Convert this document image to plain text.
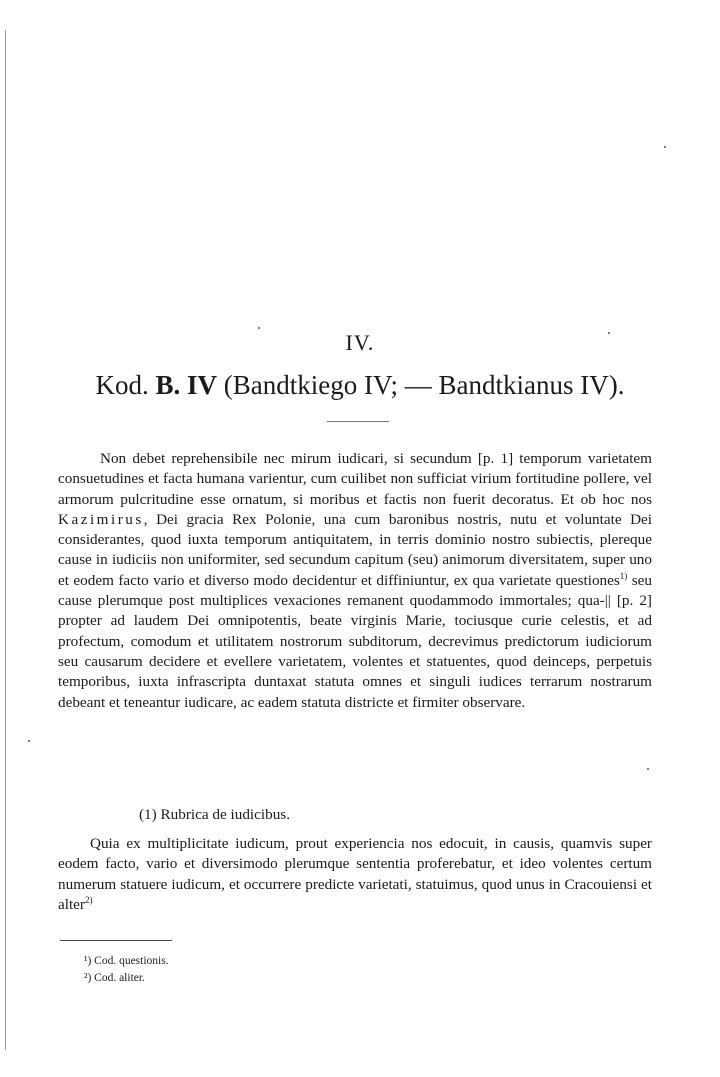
IV.
Kod. B. IV (Bandtkiego IV; — Bandtkianus IV).
Non debet reprehensibile nec mirum iudicari, si secundum [p. 1] temporum varietatem consuetudines et facta humana varientur, cum cuilibet non sufficiat virium fortitudine pollere, vel armorum pulcritudine esse ornatum, si moribus et factis non fuerit decoratus. Et ob hoc nos Kazimirus, Dei gracia Rex Polonie, una cum baronibus nostris, nutu et voluntate Dei considerantes, quod iuxta temporum antiquitatem, in terris dominio nostro subiectis, plereque cause in iudiciis non uniformiter, sed secundum capitum (seu) animorum diversitatem, super uno et eodem facto vario et diverso modo decidentur et diffiniuntur, ex qua varietate questiones$^{1)}$ seu cause plerumque post multiplices vexaciones remanent quodammodo immortales; qua-|| [p. 2] propter ad laudem Dei omnipotentis, beate virginis Marie, tociusque curie celestis, et ad profectum, comodum et utilitatem nostrorum subditorum, decrevimus predictorum iudiciorum seu causarum decidere et evellere varietatem, volentes et statuentes, quod deinceps, perpetuis temporibus, iuxta infrascripta duntaxat statuta omnes et singuli iudices terrarum nostrarum debeant et teneantur iudicare, ac eadem statuta districte et firmiter observare.
(1) Rubrica de iudicibus.
Quia ex multiplicitate iudicum, prout experiencia nos edocuit, in causis, quamvis super eodem facto, vario et diversimodo plerumque sententia proferebatur, et ideo volentes certum numerum statuere iudicum, et occurrere predicte varietati, statuimus, quod unus in Cracouiensi et alter$^{2)}$
¹) Cod. questionis.
²) Cod. aliter.
